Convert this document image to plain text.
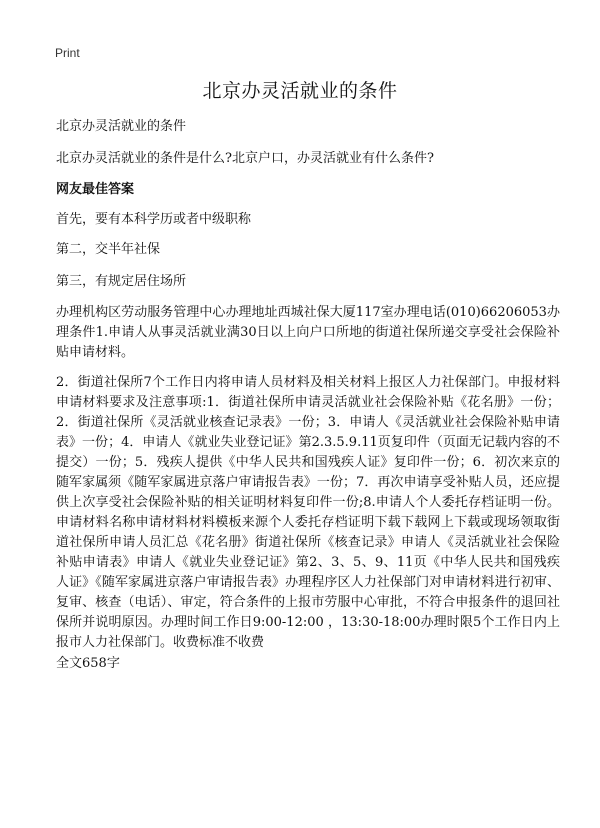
Print
北京办灵活就业的条件

北京办灵活就业的条件

北京办灵活就业的条件是什么?北京户口，办灵活就业有什么条件?

网友最佳答案

首先，要有本科学历或者中级职称

第二，交半年社保

第三，有规定居住场所

办理机构区劳动服务管理中心办理地址西城社保大厦117室办理电话(010)66206053办理条件1.申请人从事灵活就业满30日以上向户口所地的街道社保所递交享受社会保险补贴申请材料。

2．街道社保所7个工作日内将申请人员材料及相关材料上报区人力社保部门。申报材料申请材料要求及注意事项:1．街道社保所申请灵活就业社会保险补贴《花名册》一份；2．街道社保所《灵活就业核查记录表》一份；3．申请人《灵活就业社会保险补贴申请表》一份；4．申请人《就业失业登记证》第2.3.5.9.11页复印件（页面无记载内容的不提交）一份；5．残疾人提供《中华人民共和国残疾人证》复印件一份；6．初次来京的随军家属须《随军家属进京落户审请报告表》一份；7．再次申请享受补贴人员，还应提供上次享受社会保险补贴的相关证明材料复印件一份;8.申请人个人委托存档证明一份。申请材料名称申请材料材料模板来源个人委托存档证明下载下载网上下载或现场领取街道社保所申请人员汇总《花名册》街道社保所《核查记录》申请人《灵活就业社会保险补贴申请表》申请人《就业失业登记证》第2、3、5、9、11页《中华人民共和国残疾人证》《随军家属进京落户审请报告表》办理程序区人力社保部门对申请材料进行初审、复审、核查（电话）、审定，符合条件的上报市劳服中心审批，不符合申报条件的退回社保所并说明原因。办理时间工作日9:00-12:00 ，13:30-18:00办理时限5个工作日内上报市人力社保部门。收费标准不收费

全文658字
